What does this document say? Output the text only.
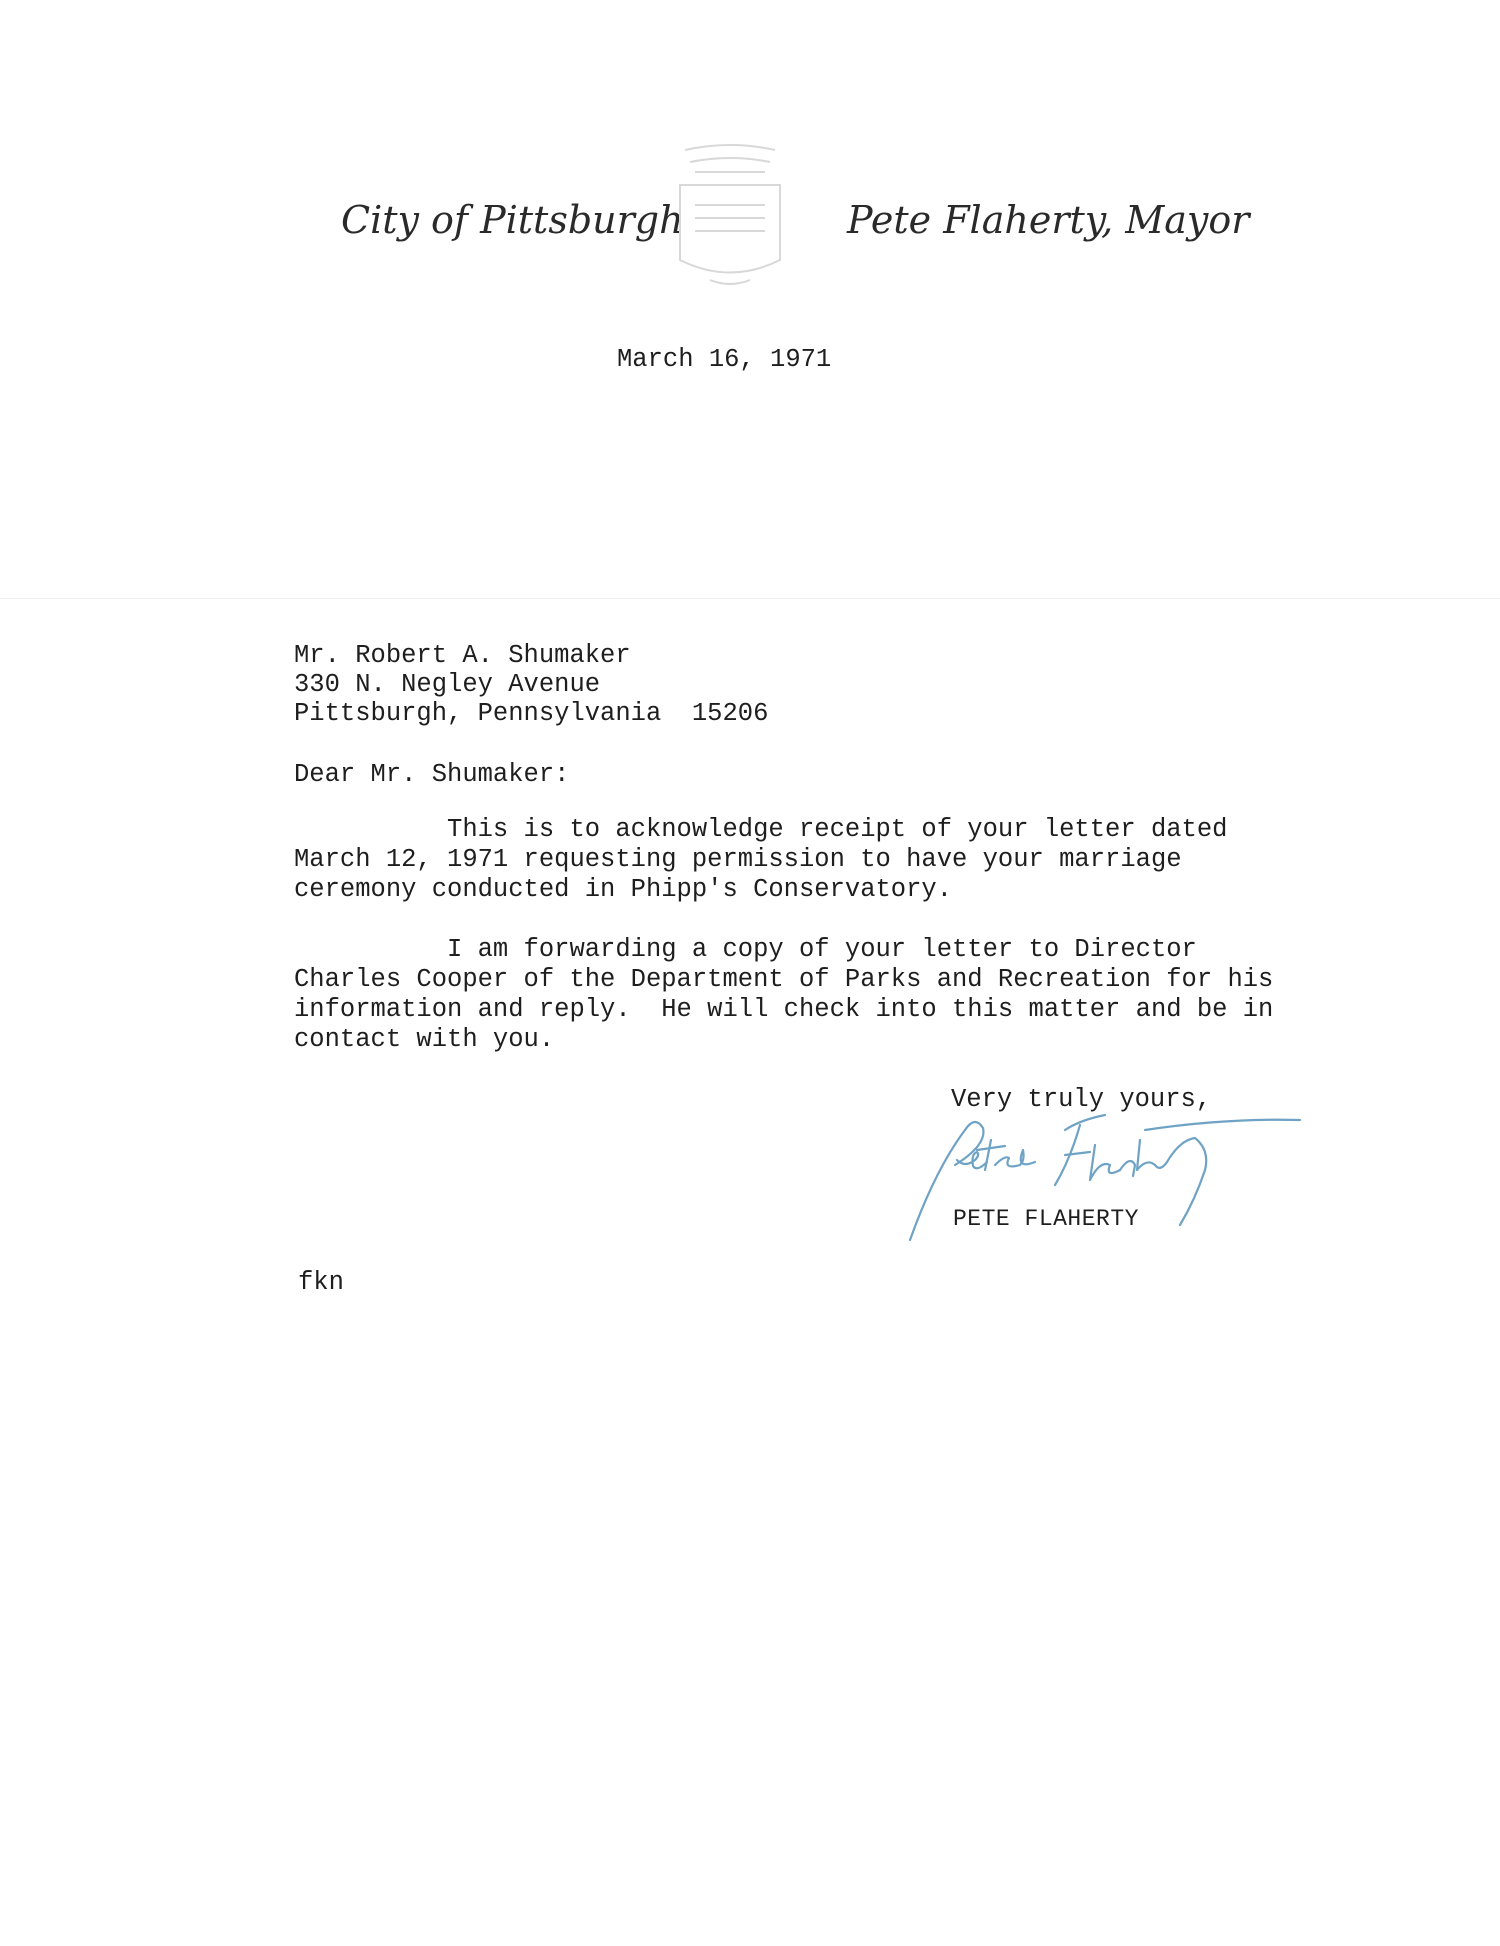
City of Pittsburgh	Pete Flaherty, Mayor
March 16, 1971
Mr. Robert A. Shumaker
330 N. Negley Avenue
Pittsburgh, Pennsylvania  15206
Dear Mr. Shumaker:
This is to acknowledge receipt of your letter dated
March 12, 1971 requesting permission to have your marriage
ceremony conducted in Phipp's Conservatory.
I am forwarding a copy of your letter to Director
Charles Cooper of the Department of Parks and Recreation for his
information and reply.  He will check into this matter and be in
contact with you.
Very truly yours,
PETE FLAHERTY
fkn
